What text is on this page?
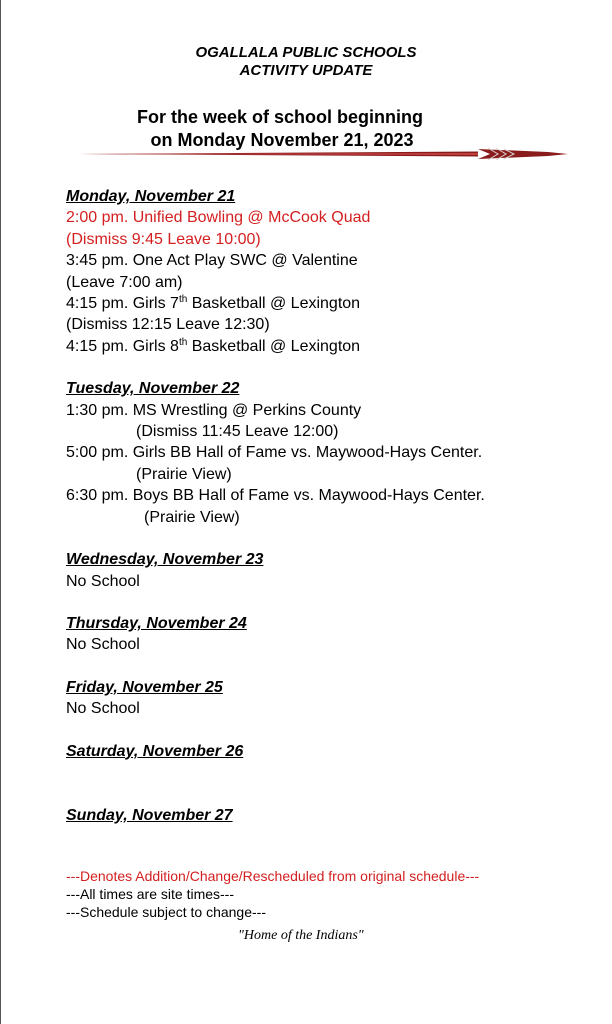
OGALLALA PUBLIC SCHOOLS
ACTIVITY UPDATE
For the week of school beginning
on Monday November 21, 2023
Monday, November 21
2:00 pm. Unified Bowling @ McCook Quad
(Dismiss 9:45 Leave 10:00)
3:45 pm. One Act Play SWC @ Valentine
(Leave 7:00 am)
4:15 pm. Girls 7th Basketball @ Lexington
(Dismiss 12:15 Leave 12:30)
4:15 pm. Girls 8th Basketball @ Lexington
Tuesday, November 22
1:30 pm. MS Wrestling @ Perkins County
(Dismiss 11:45 Leave 12:00)
5:00 pm. Girls BB Hall of Fame vs. Maywood-Hays Center.
(Prairie View)
6:30 pm. Boys BB Hall of Fame vs. Maywood-Hays Center.
(Prairie View)
Wednesday, November 23
No School
Thursday, November 24
No School
Friday, November 25
No School
Saturday, November 26
Sunday, November 27
---Denotes Addition/Change/Rescheduled from original schedule---
---All times are site times---
---Schedule subject to change---
"Home of the Indians"
